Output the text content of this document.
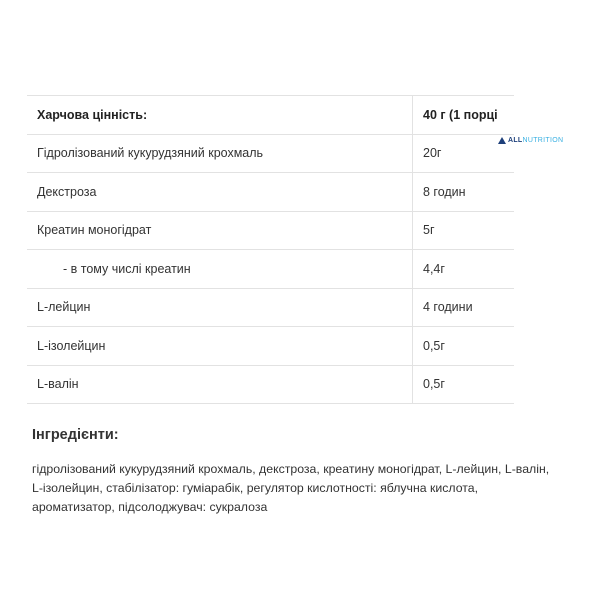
Харчова цінність:	40 г (1 порці
Гідролізований кукурудзяний крохмаль	20г
Декстроза	8 годин
Креатин моногідрат	5г
- в тому числі креатин	4,4г
L-лейцин	4 години
L-ізолейцин	0,5г
L-валін	0,5г
ALL NUTRITION
Інгредієнти:

гідролізований кукурудзяний крохмаль, декстроза, креатину моногідрат, L-лейцин, L-валін, L-ізолейцин, стабілізатор: гуміарабік, регулятор кислотності: яблучна кислота, ароматизатор, підсолоджувач: сукралоза
